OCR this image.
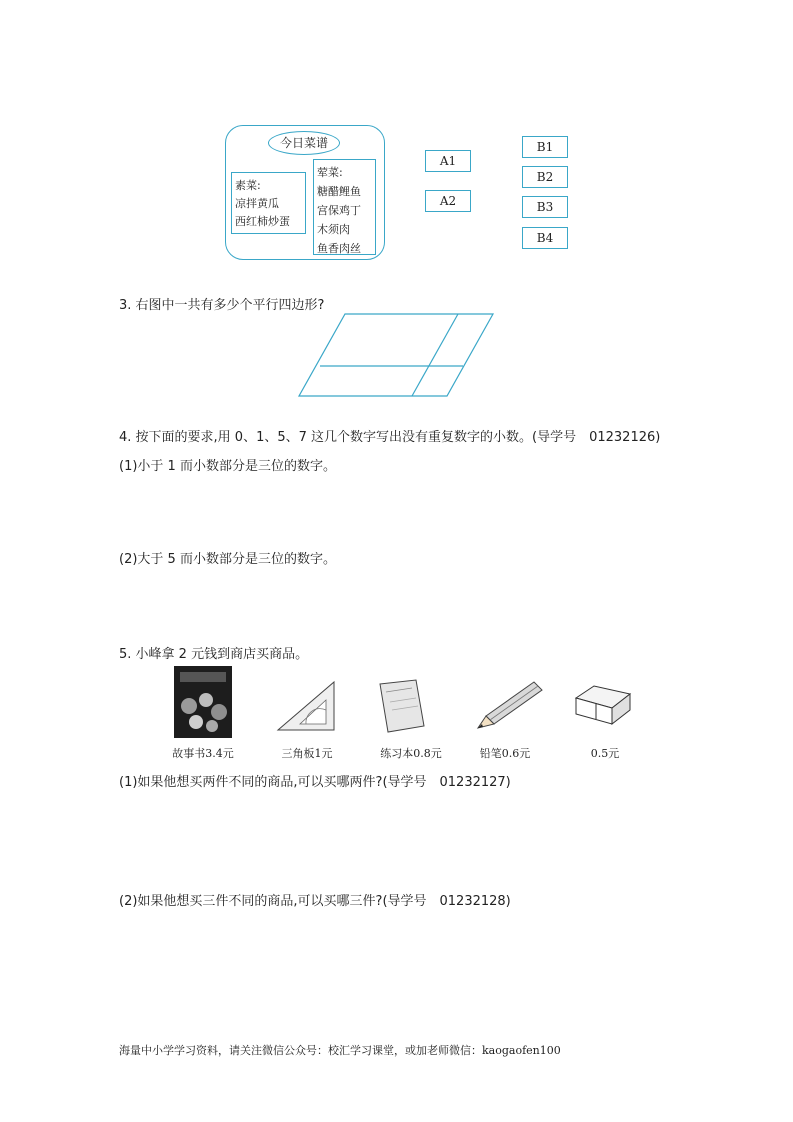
今日菜谱
素菜:
凉拌黄瓜
西红柿炒蛋
荤菜:
糖醋鲤鱼
宫保鸡丁
木须肉
鱼香肉丝
A1
A2
B1
B2
B3
B4
3. 右图中一共有多少个平行四边形?
4. 按下面的要求,用 0、1、5、7 这几个数字写出没有重复数字的小数。(导学号　01232126)
(1)小于 1 而小数部分是三位的数字。
(2)大于 5 而小数部分是三位的数字。
5. 小峰拿 2 元钱到商店买商品。
故事书3.4元	三角板1元	练习本0.8元	铅笔0.6元	0.5元
(1)如果他想买两件不同的商品,可以买哪两件?(导学号　01232127)
(2)如果他想买三件不同的商品,可以买哪三件?(导学号　01232128)
海量中小学学习资料，请关注微信公众号：校汇学习课堂，或加老师微信：kaogaofen100
